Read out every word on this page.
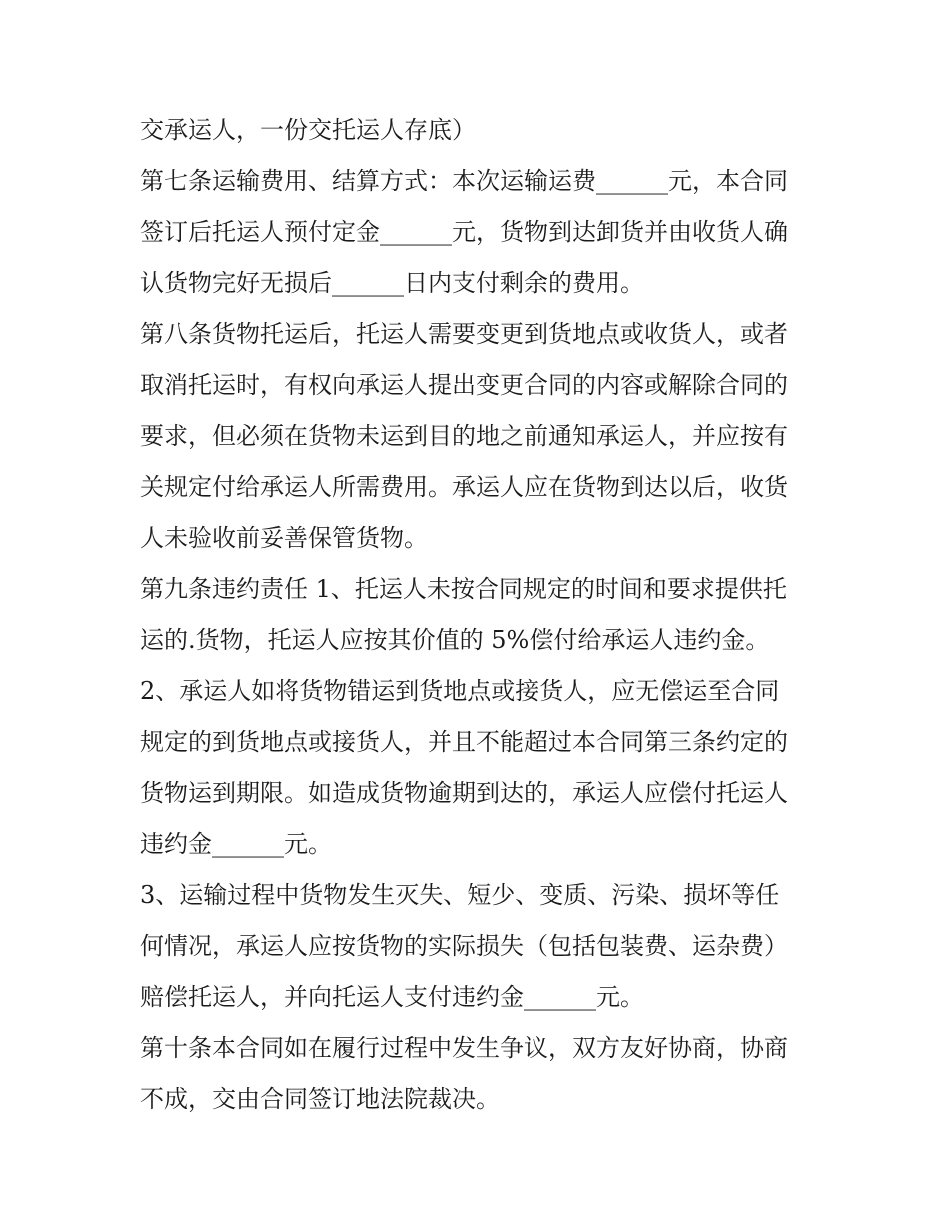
交承运人，一份交托运人存底）
第七条运输费用、结算方式：本次运输运费______元，本合同
签订后托运人预付定金______元，货物到达卸货并由收货人确
认货物完好无损后______日内支付剩余的费用。
第八条货物托运后，托运人需要变更到货地点或收货人，或者
取消托运时，有权向承运人提出变更合同的内容或解除合同的
要求，但必须在货物未运到目的地之前通知承运人，并应按有
关规定付给承运人所需费用。承运人应在货物到达以后，收货
人未验收前妥善保管货物。
第九条违约责任 1、托运人未按合同规定的时间和要求提供托
运的.货物，托运人应按其价值的 5%偿付给承运人违约金。
2、承运人如将货物错运到货地点或接货人，应无偿运至合同
规定的到货地点或接货人，并且不能超过本合同第三条约定的
货物运到期限。如造成货物逾期到达的，承运人应偿付托运人
违约金______元。
3、运输过程中货物发生灭失、短少、变质、污染、损坏等任
何情况，承运人应按货物的实际损失（包括包装费、运杂费）
赔偿托运人，并向托运人支付违约金______元。
第十条本合同如在履行过程中发生争议，双方友好协商，协商
不成，交由合同签订地法院裁决。
